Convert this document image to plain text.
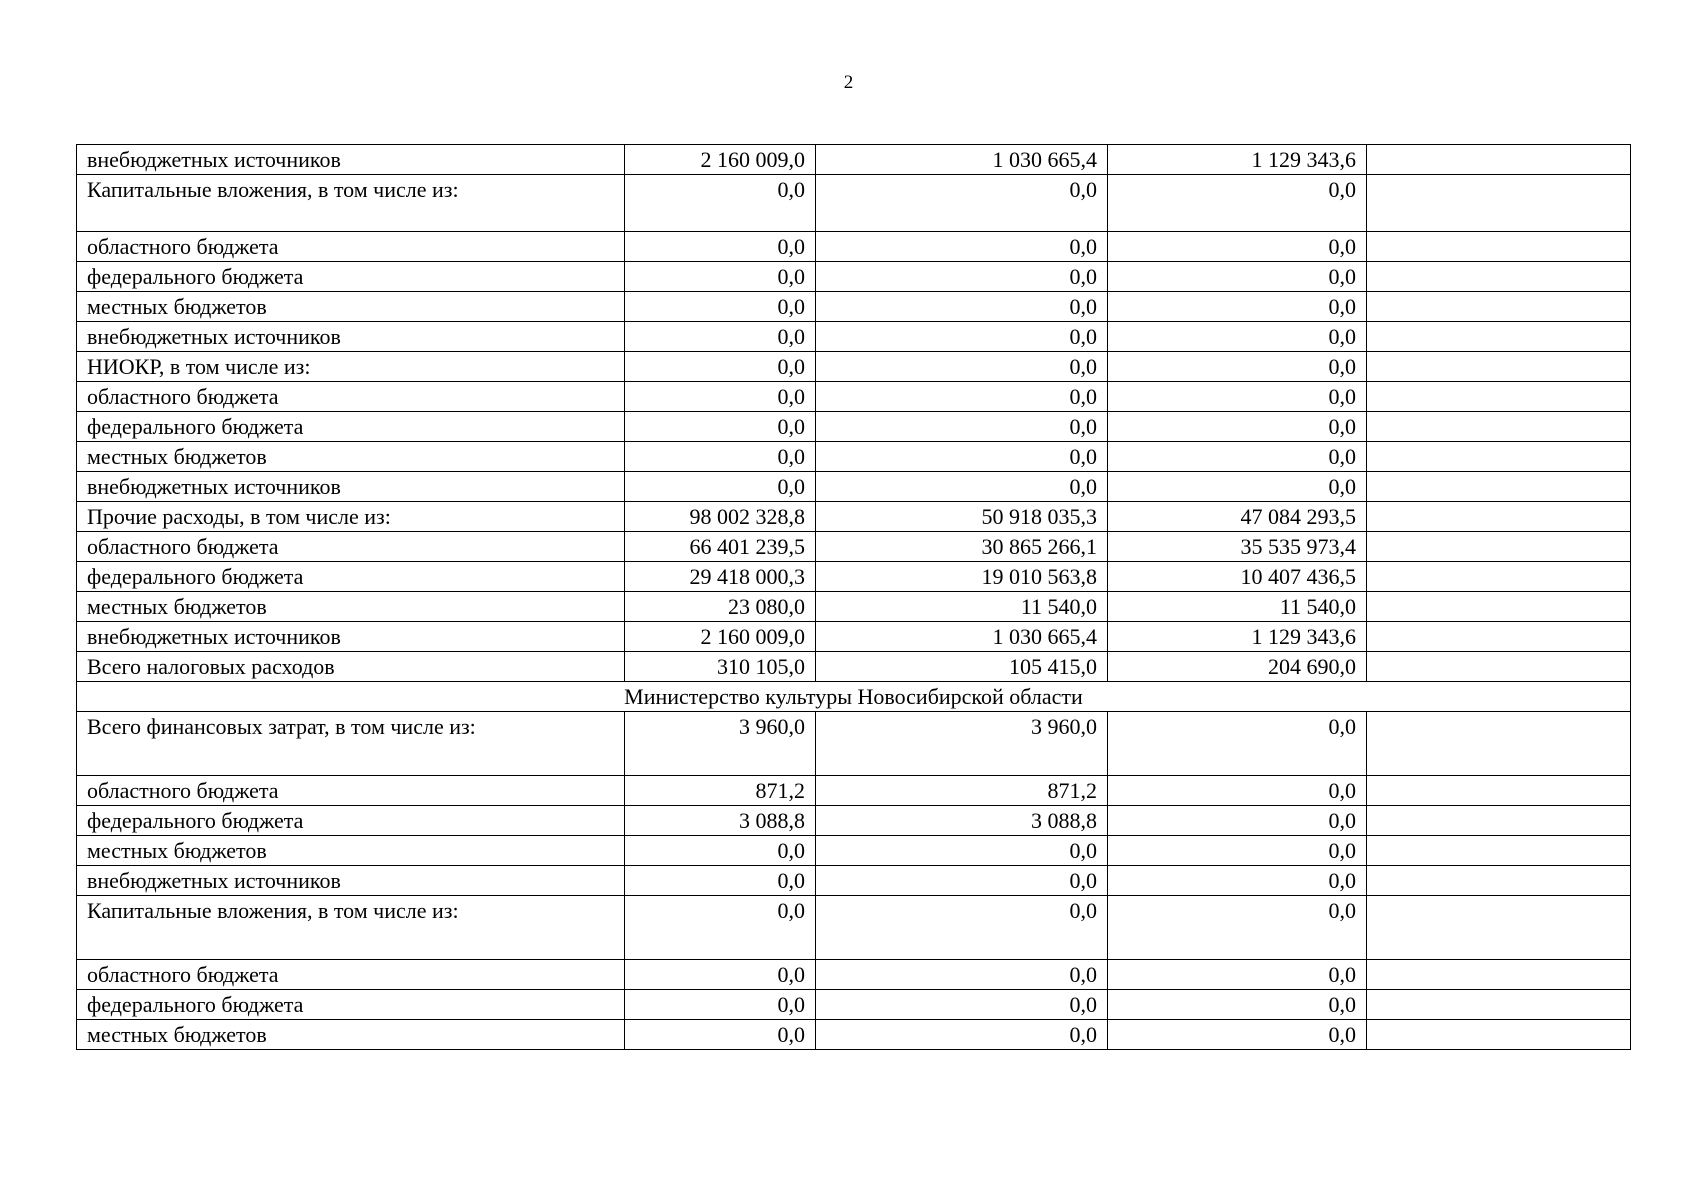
2
внебюджетных источников	2 160 009,0	1 030 665,4	1 129 343,6	
Капитальные вложения, в том числе из:	0,0	0,0	0,0	
областного бюджета	0,0	0,0	0,0	
федерального бюджета	0,0	0,0	0,0	
местных бюджетов	0,0	0,0	0,0	
внебюджетных источников	0,0	0,0	0,0	
НИОКР, в том числе из:	0,0	0,0	0,0	
областного бюджета	0,0	0,0	0,0	
федерального бюджета	0,0	0,0	0,0	
местных бюджетов	0,0	0,0	0,0	
внебюджетных источников	0,0	0,0	0,0	
Прочие расходы, в том числе из:	98 002 328,8	50 918 035,3	47 084 293,5	
областного бюджета	66 401 239,5	30 865 266,1	35 535 973,4	
федерального бюджета	29 418 000,3	19 010 563,8	10 407 436,5	
местных бюджетов	23 080,0	11 540,0	11 540,0	
внебюджетных источников	2 160 009,0	1 030 665,4	1 129 343,6	
Всего налоговых расходов	310 105,0	105 415,0	204 690,0	
Министерство культуры Новосибирской области				
Всего финансовых затрат, в том числе из:	3 960,0	3 960,0	0,0	
областного бюджета	871,2	871,2	0,0	
федерального бюджета	3 088,8	3 088,8	0,0	
местных бюджетов	0,0	0,0	0,0	
внебюджетных источников	0,0	0,0	0,0	
Капитальные вложения, в том числе из:	0,0	0,0	0,0	
областного бюджета	0,0	0,0	0,0	
федерального бюджета	0,0	0,0	0,0	
местных бюджетов	0,0	0,0	0,0	
